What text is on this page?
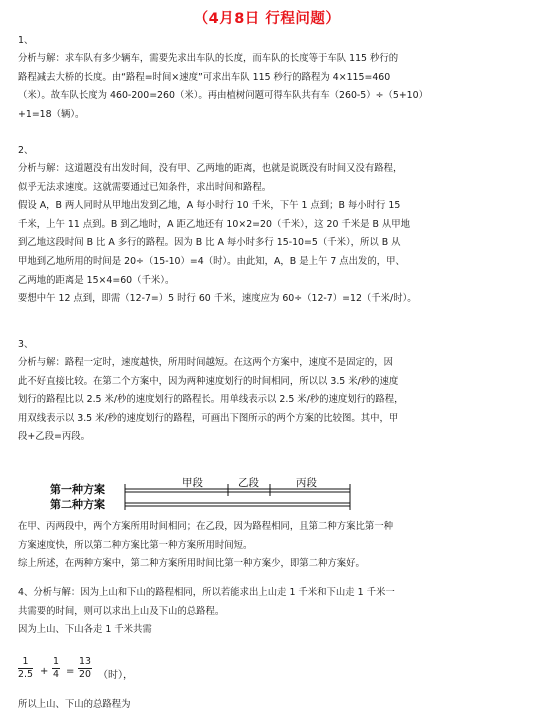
（4月8日 行程问题）
1、
分析与解：求车队有多少辆车，需要先求出车队的长度，而车队的长度等于车队 115 秒行的
路程减去大桥的长度。由“路程=时间×速度”可求出车队 115 秒行的路程为 4×115=460
（米）。故车队长度为 460-200=260（米）。再由植树问题可得车队共有车（260-5）÷（5+10）
+1=18（辆）。
2、
分析与解：这道题没有出发时间，没有甲、乙两地的距离，也就是说既没有时间又没有路程，
似乎无法求速度。这就需要通过已知条件，求出时间和路程。
假设 A，B 两人同时从甲地出发到乙地，A 每小时行 10 千米，下午 1 点到；B 每小时行 15
千米，上午 11 点到。B 到乙地时，A 距乙地还有 10×2=20（千米），这 20 千米是 B 从甲地
到乙地这段时间 B 比 A 多行的路程。因为 B 比 A 每小时多行 15-10=5（千米），所以 B 从
甲地到乙地所用的时间是 20÷（15-10）=4（时）。由此知，A，B 是上午 7 点出发的，甲、
乙两地的距离是 15×4=60（千米）。
要想中午 12 点到，即需（12-7=）5 时行 60 千米，速度应为 60÷（12-7）=12（千米/时）。
3、
分析与解：路程一定时，速度越快，所用时间越短。在这两个方案中，速度不是固定的，因
此不好直接比较。在第二个方案中，因为两种速度划行的时间相同，所以以 3.5 米/秒的速度
划行的路程比以 2.5 米/秒的速度划行的路程长。用单线表示以 2.5 米/秒的速度划行的路程，
用双线表示以 3.5 米/秒的速度划行的路程，可画出下图所示的两个方案的比较图。其中，甲
段+乙段=丙段。
第一种方案
第二种方案
甲段	乙段	丙段
在甲、丙两段中，两个方案所用时间相同；在乙段，因为路程相同，且第二种方案比第一种
方案速度快，所以第二种方案比第一种方案所用时间短。
综上所述，在两种方案中，第二种方案所用时间比第一种方案少，即第二种方案好。
4、分析与解：因为上山和下山的路程相同，所以若能求出上山走 1 千米和下山走 1 千米一
共需要的时间，则可以求出上山及下山的总路程。
因为上山、下山各走 1 千米共需
$\frac{1}{2.5} + \frac{1}{4} = \frac{13}{20}$ （时），
所以上山、下山的总路程为
